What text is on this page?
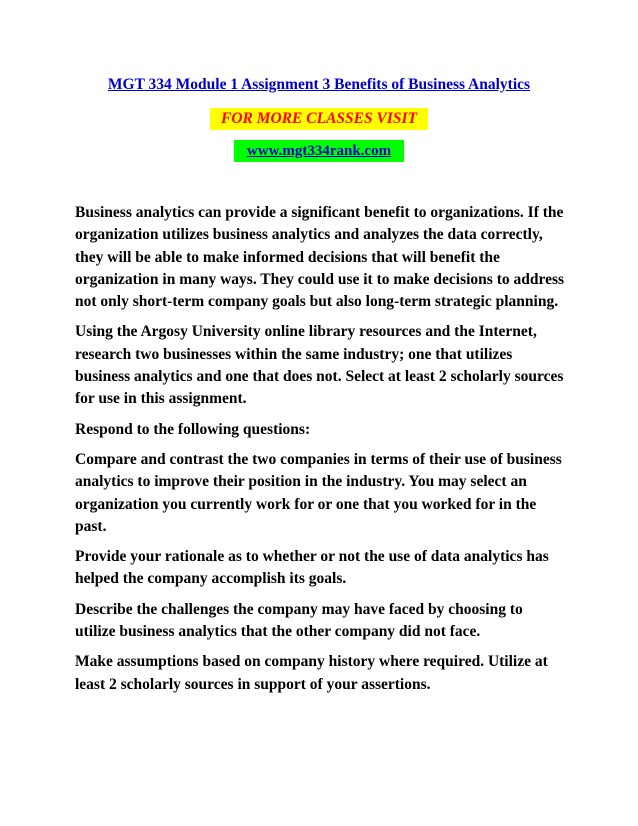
MGT 334 Module 1 Assignment 3 Benefits of Business Analytics
FOR MORE CLASSES VISIT
www.mgt334rank.com

Business analytics can provide a significant benefit to organizations. If the organization utilizes business analytics and analyzes the data correctly, they will be able to make informed decisions that will benefit the organization in many ways. They could use it to make decisions to address not only short-term company goals but also long-term strategic planning.

Using the Argosy University online library resources and the Internet, research two businesses within the same industry; one that utilizes business analytics and one that does not. Select at least 2 scholarly sources for use in this assignment.

Respond to the following questions:

Compare and contrast the two companies in terms of their use of business analytics to improve their position in the industry. You may select an organization you currently work for or one that you worked for in the past.

Provide your rationale as to whether or not the use of data analytics has helped the company accomplish its goals.

Describe the challenges the company may have faced by choosing to utilize business analytics that the other company did not face.

Make assumptions based on company history where required. Utilize at least 2 scholarly sources in support of your assertions.
